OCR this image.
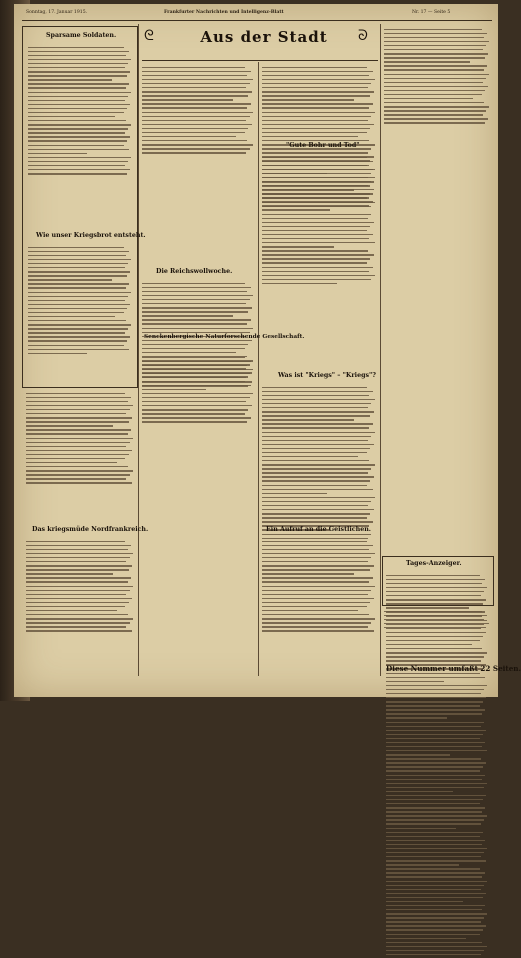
Sonntag, 17. Januar 1915.	Frankfurter Nachrichten und Intelligenz-Blatt	Nr. 17 — Seite 5
ᘓ	Aus der Stadt	ᘐ
Sparsame Soldaten.
Wie unser Kriegsbrot entsteht.
Das kriegsmüde Nordfrankreich.
Die Reichswollwoche.
Senckenbergische Naturforschende Gesellschaft.
"Gute Bohr und Tod"
Was ist "Kriegs" – "Kriegs"?
Ein Aufruf an die Geistlichen.
Tages-Anzeiger.
Diese Nummer umfaßt 22 Seiten.
